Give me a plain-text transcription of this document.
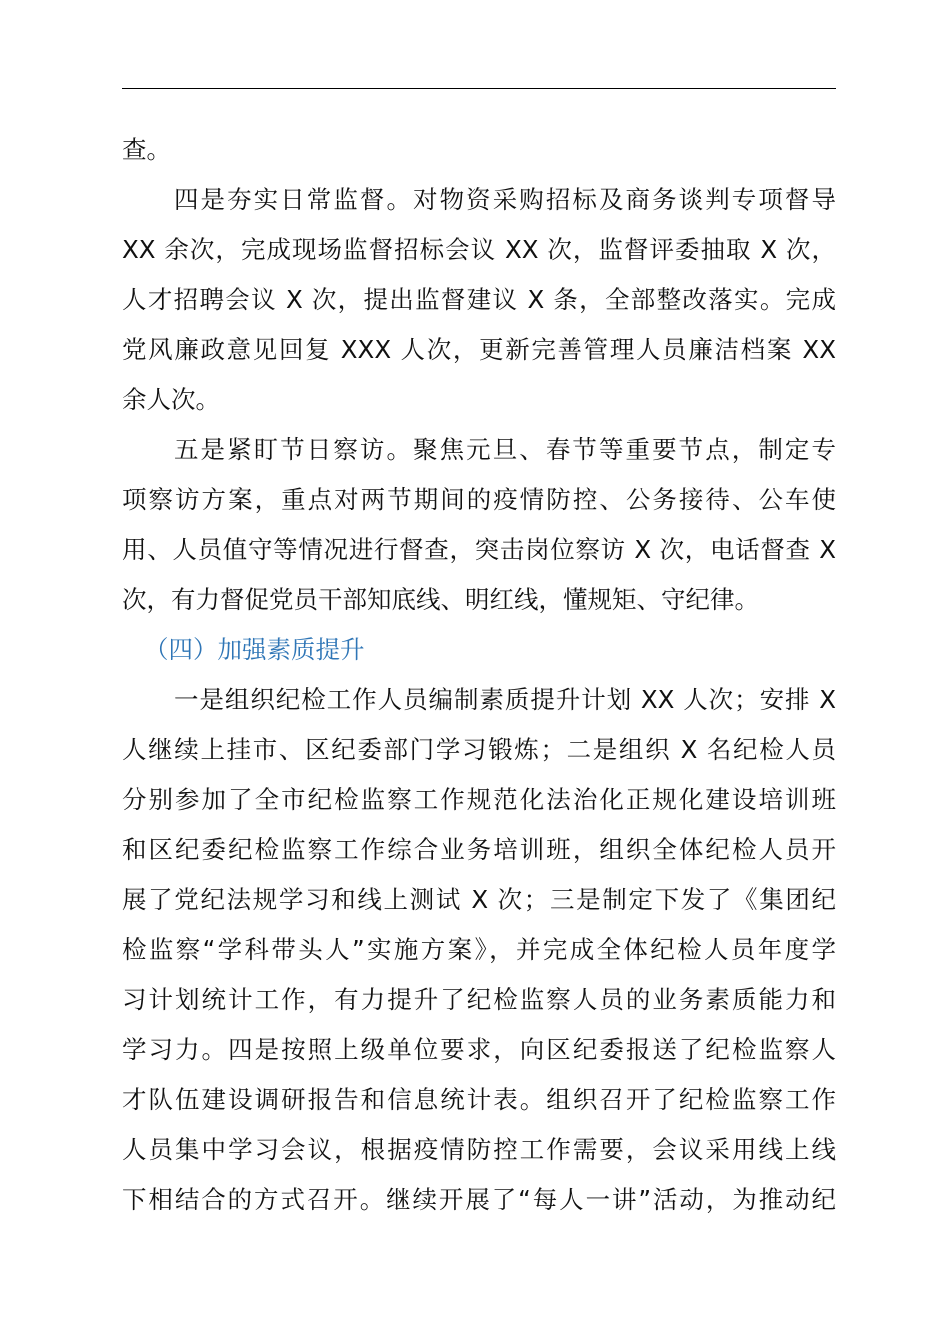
查。
四是夯实日常监督。对物资采购招标及商务谈判专项督导
XX 余次，完成现场监督招标会议 XX 次，监督评委抽取 X 次，
人才招聘会议 X 次，提出监督建议 X 条，全部整改落实。完成
党风廉政意见回复 XXX 人次，更新完善管理人员廉洁档案 XX
余人次。
五是紧盯节日察访。聚焦元旦、春节等重要节点，制定专
项察访方案，重点对两节期间的疫情防控、公务接待、公车使
用、人员值守等情况进行督查，突击岗位察访 X 次，电话督查 X
次，有力督促党员干部知底线、明红线，懂规矩、守纪律。
（四）加强素质提升
一是组织纪检工作人员编制素质提升计划 XX 人次；安排 X
人继续上挂市、区纪委部门学习锻炼；二是组织 X 名纪检人员
分别参加了全市纪检监察工作规范化法治化正规化建设培训班
和区纪委纪检监察工作综合业务培训班，组织全体纪检人员开
展了党纪法规学习和线上测试 X 次；三是制定下发了《集团纪
检监察“学科带头人”实施方案》，并完成全体纪检人员年度学
习计划统计工作，有力提升了纪检监察人员的业务素质能力和
学习力。四是按照上级单位要求，向区纪委报送了纪检监察人
才队伍建设调研报告和信息统计表。组织召开了纪检监察工作
人员集中学习会议，根据疫情防控工作需要，会议采用线上线
下相结合的方式召开。继续开展了“每人一讲”活动，为推动纪
